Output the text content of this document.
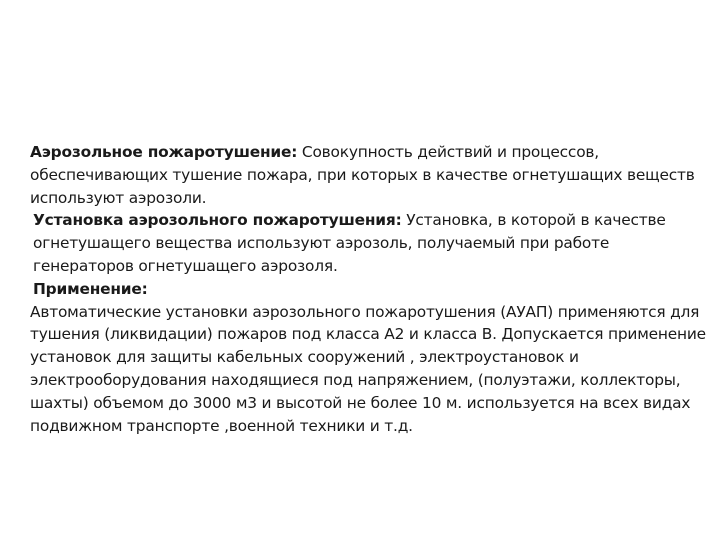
Аэрозольное пожаротушение: Совокупность действий и процессов, обеспечивающих тушение пожара, при которых в качестве огнетушащих веществ используют аэрозоли.

Установка аэрозольного пожаротушения: Установка, в которой в качестве огнетушащего вещества используют аэрозоль, получаемый при работе генераторов огнетушащего аэрозоля.

Применение:

Автоматические установки аэрозольного пожаротушения (АУАП) применяются для тушения (ликвидации) пожаров под класса А2 и класса В. Допускается применение установок для защиты кабельных сооружений , электроустановок и электрооборудования находящиеся под напряжением, (полуэтажи, коллекторы, шахты) объемом до 3000 м3 и высотой не более 10 м. используется на всех видах подвижном транспорте ,военной техники и т.д.
